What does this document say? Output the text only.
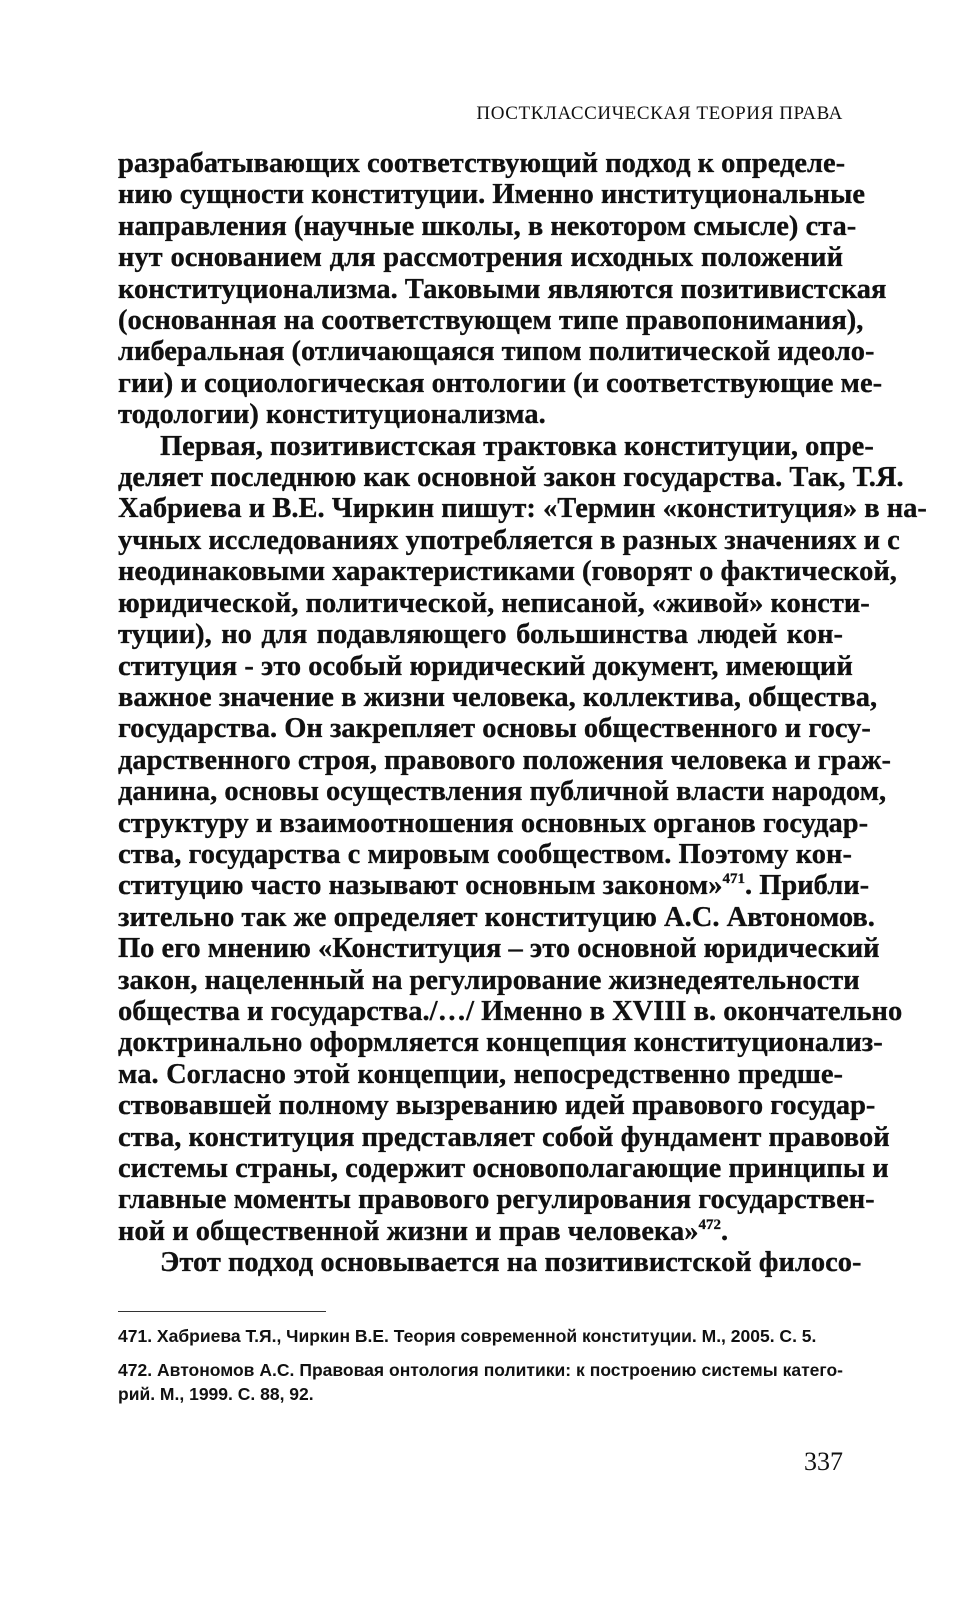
ПОСТКЛАССИЧЕСКАЯ ТЕОРИЯ ПРАВА
разрабатывающих соответствующий подход к определе-
нию сущности конституции. Именно институциональные
направления (научные школы, в некотором смысле) ста-
нут основанием для рассмотрения исходных положений
конституционализма. Таковыми являются позитивистская
(основанная на соответствующем типе правопонимания),
либеральная (отличающаяся типом политической идеоло-
гии) и социологическая онтологии (и соответствующие ме-
тодологии) конституционализма.
Первая, позитивистская трактовка конституции, опре-
деляет последнюю как основной закон государства. Так, Т.Я.
Хабриева и В.Е. Чиркин пишут: «Термин «конституция» в на-
учных исследованиях употребляется в разных значениях и с
неодинаковыми характеристиками (говорят о фактической,
юридической, политической, неписаной, «живой» консти-
туции), но для подавляющего большинства людей кон-
ституция - это особый юридический документ, имеющий
важное значение в жизни человека, коллектива, общества,
государства. Он закрепляет основы общественного и госу-
дарственного строя, правового положения человека и граж-
данина, основы осуществления публичной власти народом,
структуру и взаимоотношения основных органов государ-
ства, государства с мировым сообществом. Поэтому кон-
ституцию часто называют основным законом»$^{471}$. Прибли-
зительно так же определяет конституцию А.С. Автономов.
По его мнению «Конституция – это основной юридический
закон, нацеленный на регулирование жизнедеятельности
общества и государства./…/ Именно в XVIII в. окончательно
доктринально оформляется концепция конституционализ-
ма. Согласно этой концепции, непосредственно предше-
ствовавшей полному вызреванию идей правового государ-
ства, конституция представляет собой фундамент правовой
системы страны, содержит основополагающие принципы и
главные моменты правового регулирования государствен-
ной и общественной жизни и прав человека»$^{472}$.
Этот подход основывается на позитивистской филосо-
471. Хабриева Т.Я., Чиркин В.Е. Теория современной конституции. М., 2005. С. 5.
472. Автономов А.С. Правовая онтология политики: к построению системы катего-
рий. М., 1999. С. 88, 92.
337
